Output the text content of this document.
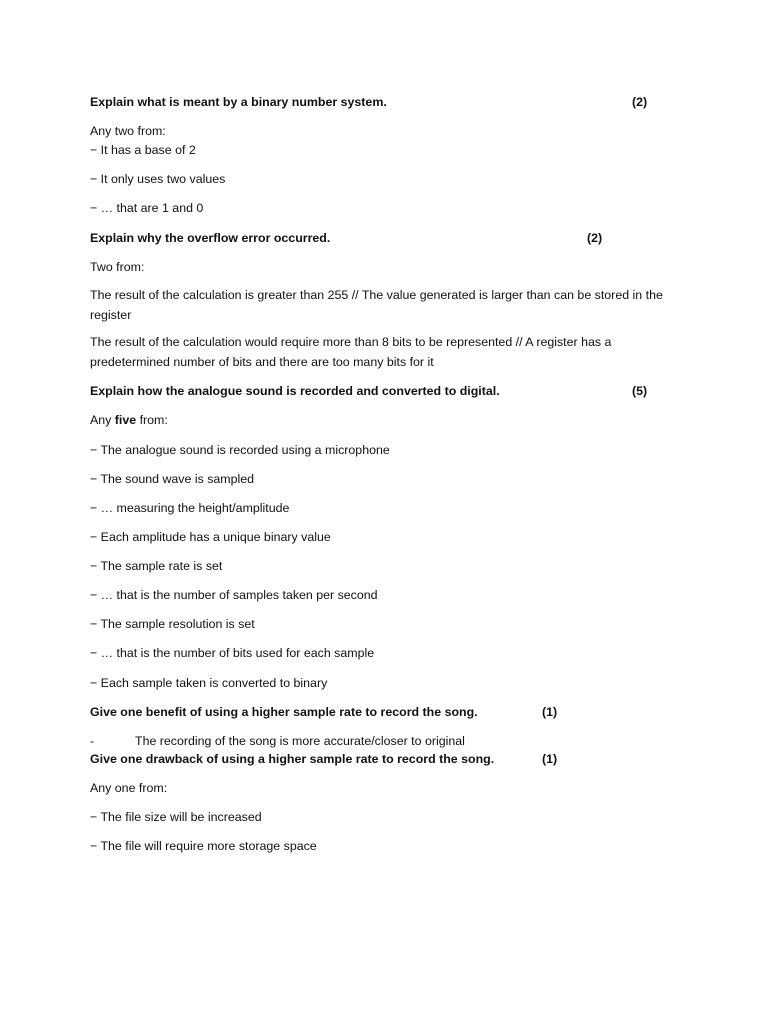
Explain what is meant by a binary number system.	(2)
Any two from:
− It has a base of 2
− It only uses two values
− … that are 1 and 0
Explain why the overflow error occurred.	(2)
Two from:
The result of the calculation is greater than 255 // The value generated is larger than can be stored in the register
The result of the calculation would require more than 8 bits to be represented // A register has a predetermined number of bits and there are too many bits for it
Explain how the analogue sound is recorded and converted to digital.	(5)
Any five from:
− The analogue sound is recorded using a microphone
− The sound wave is sampled
− … measuring the height/amplitude
− Each amplitude has a unique binary value
− The sample rate is set
− … that is the number of samples taken per second
− The sample resolution is set
− … that is the number of bits used for each sample
− Each sample taken is converted to binary
Give one benefit of using a higher sample rate to record the song.	(1)
-	The recording of the song is more accurate/closer to original
Give one drawback of using a higher sample rate to record the song.	(1)
Any one from:
− The file size will be increased
− The file will require more storage space
